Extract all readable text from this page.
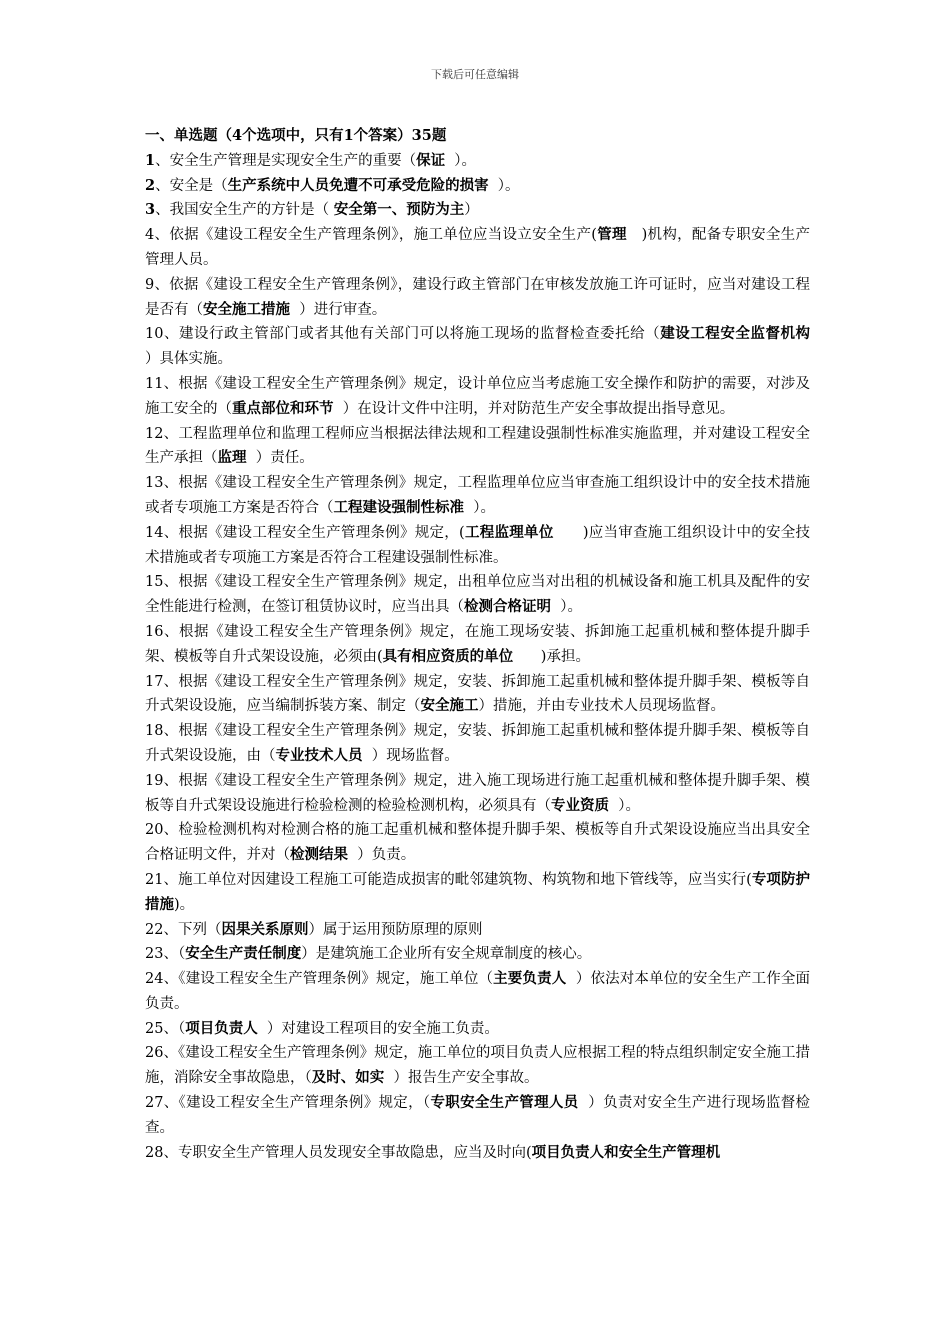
下载后可任意编辑

一、单选题（4个选项中，只有1个答案）35题

1、安全生产管理是实现安全生产的重要（保证  ）。

2、安全是（生产系统中人员免遭不可承受危险的损害  ）。

3、我国安全生产的方针是（ 安全第一、预防为主）

4、依据《建设工程安全生产管理条例》，施工单位应当设立安全生产(管理   )机构，配备专职安全生产管理人员。

9、依据《建设工程安全生产管理条例》，建设行政主管部门在审核发放施工许可证时，应当对建设工程是否有（安全施工措施  ）进行审查。

10、建设行政主管部门或者其他有关部门可以将施工现场的监督检查委托给（建设工程安全监督机构    ）具体实施。

11、根据《建设工程安全生产管理条例》规定，设计单位应当考虑施工安全操作和防护的需要，对涉及施工安全的（重点部位和环节  ）在设计文件中注明，并对防范生产安全事故提出指导意见。

12、工程监理单位和监理工程师应当根据法律法规和工程建设强制性标准实施监理，并对建设工程安全生产承担（监理  ）责任。

13、根据《建设工程安全生产管理条例》规定，工程监理单位应当审查施工组织设计中的安全技术措施或者专项施工方案是否符合（工程建设强制性标准  ）。

14、根据《建设工程安全生产管理条例》规定，(工程监理单位      )应当审查施工组织设计中的安全技术措施或者专项施工方案是否符合工程建设强制性标准。

15、根据《建设工程安全生产管理条例》规定，出租单位应当对出租的机械设备和施工机具及配件的安全性能进行检测，在签订租赁协议时，应当出具（检测合格证明  ）。

16、根据《建设工程安全生产管理条例》规定，在施工现场安装、拆卸施工起重机械和整体提升脚手架、模板等自升式架设设施，必须由(具有相应资质的单位      )承担。

17、根据《建设工程安全生产管理条例》规定，安装、拆卸施工起重机械和整体提升脚手架、模板等自升式架设设施，应当编制拆装方案、制定（安全施工）措施，并由专业技术人员现场监督。

18、根据《建设工程安全生产管理条例》规定，安装、拆卸施工起重机械和整体提升脚手架、模板等自升式架设设施，由（专业技术人员  ）现场监督。

19、根据《建设工程安全生产管理条例》规定，进入施工现场进行施工起重机械和整体提升脚手架、模板等自升式架设设施进行检验检测的检验检测机构，必须具有（专业资质  ）。

20、检验检测机构对检测合格的施工起重机械和整体提升脚手架、模板等自升式架设设施应当出具安全合格证明文件，并对（检测结果  ）负责。

21、施工单位对因建设工程施工可能造成损害的毗邻建筑物、构筑物和地下管线等，应当实行(专项防护措施)。

22、下列（因果关系原则）属于运用预防原理的原则

23、（安全生产责任制度）是建筑施工企业所有安全规章制度的核心。

24、《建设工程安全生产管理条例》规定，施工单位（主要负责人  ）依法对本单位的安全生产工作全面负责。

25、（项目负责人  ）对建设工程项目的安全施工负责。

26、《建设工程安全生产管理条例》规定，施工单位的项目负责人应根据工程的特点组织制定安全施工措施，消除安全事故隐患，（及时、如实  ）报告生产安全事故。

27、《建设工程安全生产管理条例》规定，（专职安全生产管理人员  ）负责对安全生产进行现场监督检查。

28、专职安全生产管理人员发现安全事故隐患，应当及时向(项目负责人和安全生产管理机
